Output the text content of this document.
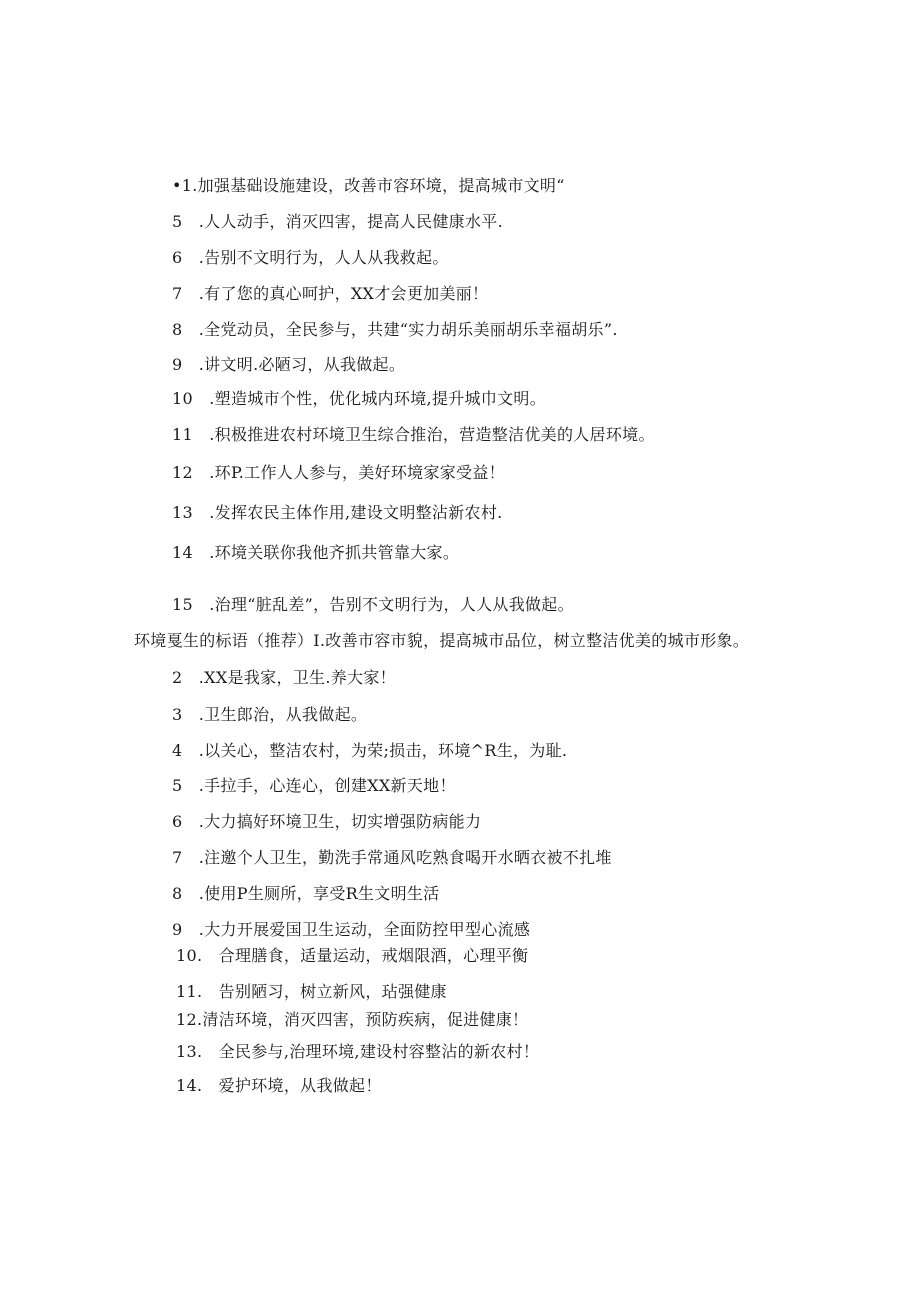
•1.加强基础设施建设，改善市容环境，提高城市文明“
5　.人人动手，消灭四害，提高人民健康水平.
6　.告别不文明行为，人人从我救起。
7　.有了您的真心呵护，XX才会更加美丽！
8　.全党动员，全民参与，共建“实力胡乐美丽胡乐幸福胡乐”.
9　.讲文明.必陋习，从我做起。
10　.塑造城市个性，优化城内环境,提升城巾文明。
11　.积极推进农村环境卫生综合推治，营造整洁优美的人居环境。
12　.环P.工作人人参与，美好环境家家受益！
13　.发挥农民主体作用,建设文明整沾新农村.
14　.环境关联你我他齐抓共管靠大家。
15　.治理“脏乱差”，告别不文明行为，人人从我做起。
环境戛生的标语（推荐）I.改善市容市貌，提高城市品位，树立整洁优美的城市形象。
2　.XX是我家，卫生.养大家！
3　.卫生郎治，从我做起。
4　.以关心，整洁农村，为荣;损击，环境^R生，为耻.
5　.手拉手，心连心，创建XX新天地！
6　.大力搞好环境卫生，切实增强防病能力
7　.注邀个人卫生，勤洗手常通风吃熟食喝开水晒衣被不扎堆
8　.使用P生厕所，享受R生文明生活
9　.大力开展爱国卫生运动，全面防控甲型心流感
10.　合理膳食，适量运动，戒烟限酒，心理平衡
11.　告别陋习，树立新风，玷强健康
12.清洁环境，消灭四害，预防疾病，促进健康！
13.　全民参与,治理环境,建设村容整沾的新农村！
14.　爱护环境，从我做起！
